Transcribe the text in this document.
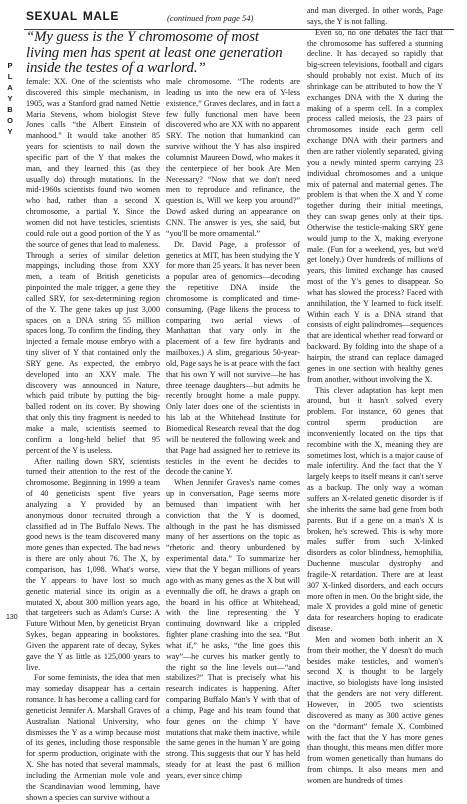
P
L
A
Y
B
O
Y
sexual male	(continued from page 54)
“My guess is the Y chromosome of most living men has spent at least one generation inside the testes of a warlord.”

female: XX. One of the scientists who discovered this simple mechanism, in 1905, was a Stanford grad named Nettie Maria Stevens, whom biologist Steve Jones calls “the Albert Einstein of manhood.” It would take another 85 years for scientists to nail down the specific part of the Y that makes the man, and they learned this (as they usually do) through mutations. In the mid-1960s scientists found two women who had, rather than a second X chromosome, a partial Y. Since the women did not have testicles, scientists could rule out a good portion of the Y as the source of genes that lead to maleness. Through a series of similar deletion mappings, including those from XXY men, a team of British geneticists pinpointed the male trigger, a gene they called SRY, for sex-determining region of the Y. The gene takes up just 3,000 spaces on a DNA string 55 million spaces long. To confirm the finding, they injected a female mouse embryo with a tiny sliver of Y that contained only the SRY gene. As expected, the embryo developed into an XXY male. The discovery was announced in Nature, which paid tribute by putting the big-balled rodent on its cover. By showing that only this tiny fragment is needed to make a male, scientists seemed to confirm a long-held belief that 95 percent of the Y is useless.

After nailing down SRY, scientists turned their attention to the rest of the chromosome. Beginning in 1999 a team of 40 geneticists spent five years analyzing a Y provided by an anonymous donor recruited through a classified ad in The Buffalo News. The good news is the team discovered many more genes than expected. The bad news is there are only about 76. The X, by comparison, has 1,098. What's worse, the Y appears to have lost so much genetic material since its origin as a mutated X, about 300 million years ago, that targeteers such as Adam's Curse: A Future Without Men, by geneticist Bryan Sykes, began appearing in bookstores. Given the apparent rate of decay, Sykes gave the Y as little as 125,000 years to live.

For some feminists, the idea that men may someday disappear has a certain romance. It has become a calling card for geneticist Jennifer A. Marshall Graves of Australian National University, who dismisses the Y as a wimp because most of its genes, including those responsible for sperm production, originate with the X. She has noted that several mammals, including the Armenian mole vole and the Scandinavian wood lemming, have shown a species can survive without a

male chromosome. “The rodents are leading us into the new era of Y-less existence,” Graves declares, and in fact a few fully functional men have been discovered who are XX with no apparent SRY. The notion that humankind can survive without the Y has also inspired columnist Maureen Dowd, who makes it the centerpiece of her book Are Men Necessary? “Now that we don't need men to reproduce and refinance, the question is, Will we keep you around?” Dowd asked during an appearance on CNN. The answer is yes, she said, but “you'll be more ornamental.”

Dr. David Page, a professor of genetics at MIT, has been studying the Y for more than 25 years. It has never been a popular area of genomics—decoding the repetitive DNA inside the chromosome is complicated and time-consuming. (Page likens the process to comparing two aerial views of Manhattan that vary only in the placement of a few fire hydrants and mailboxes.) A slim, gregarious 50-year-old, Page says he is at peace with the fact that his own Y will not survive—he has three teenage daughters—but admits he recently brought home a male puppy. Only later does one of the scientists in his lab at the Whitehead Institute for Biomedical Research reveal that the dog will be neutered the following week and that Page had assigned her to retrieve its testicles in the event he decides to decode the canine Y.

When Jennifer Graves's name comes up in conversation, Page seems more bemused than impatient with her conviction that the Y is doomed, although in the past he has dismissed many of her assertions on the topic as “rhetoric and theory unburdened by experimental data.” To summarize her view that the Y began millions of years ago with as many genes as the X but will eventually die off, he draws a graph on the board in his office at Whitehead, with the line representing the Y continuing downward like a crippled fighter plane crashing into the sea. “But what if,” he asks, “the line goes this way”—he curves his marker gently to the right so the line levels out—“and stabilizes?” That is precisely what his research indicates is happening. After comparing Buffalo Man's Y with that of a chimp, Page and his team found that four genes on the chimp Y have mutations that make them inactive, while the same genes in the human Y are going strong. This suggests that our Y has held steady for at least the past 6 million years, ever since chimp

and man diverged. In other words, Page says, the Y is not falling.

Even so, no one debates the fact that the chromosome has suffered a stunning decline. It has decayed so rapidly that big-screen televisions, football and cigars should probably not exist. Much of its shrinkage can be attributed to how the Y exchanges DNA with the X during the making of a sperm cell. In a complex process called meiosis, the 23 pairs of chromosomes inside each germ cell exchange DNA with their partners and then are rather violently separated, giving you a newly minted sperm carrying 23 individual chromosomes and a unique mix of paternal and maternal genes. The problem is that when the X and Y come together during their initial meetings, they can swap genes only at their tips. Otherwise the testicle-making SRY gene would jump to the X, making everyone male. (Fun for a weekend, yes, but we'd get lonely.) Over hundreds of millions of years, this limited exchange has caused most of the Y's genes to disappear. So what has slowed the process? Faced with annihilation, the Y learned to fuck itself. Within each Y is a DNA strand that consists of eight palindromes—sequences that are identical whether read forward or backward. By folding into the shape of a hairpin, the strand can replace damaged genes in one section with healthy genes from another, without involving the X.

This clever adaptation has kept men around, but it hasn't solved every problem. For instance, 60 genes that control sperm production are inconveniently located on the tips that recombine with the X, meaning they are sometimes lost, which is a major cause of male infertility. And the fact that the Y largely keeps to itself means it can't serve as a backup. The only way a woman suffers an X-related genetic disorder is if she inherits the same bad gene from both parents. But if a gene on a man's X is broken, he's screwed. This is why more males suffer from such X-linked disorders as color blindness, hemophilia, Duchenne muscular dystrophy and fragile-X retardation. There are at least 307 X-linked disorders, and each occurs more often in men. On the bright side, the male X provides a gold mine of genetic data for researchers hoping to eradicate disease.

Men and women both inherit an X from their mother, the Y doesn't do much besides make testicles, and women's second X is thought to be largely inactive, so biologists have long insisted that the genders are not very different. However, in 2005 two scientists discovered as many as 300 active genes on the “dormant” female X. Combined with the fact that the Y has more genes than thought, this means men differ more from women genetically than humans do from chimps. It also means men and women are hundreds of times

130
